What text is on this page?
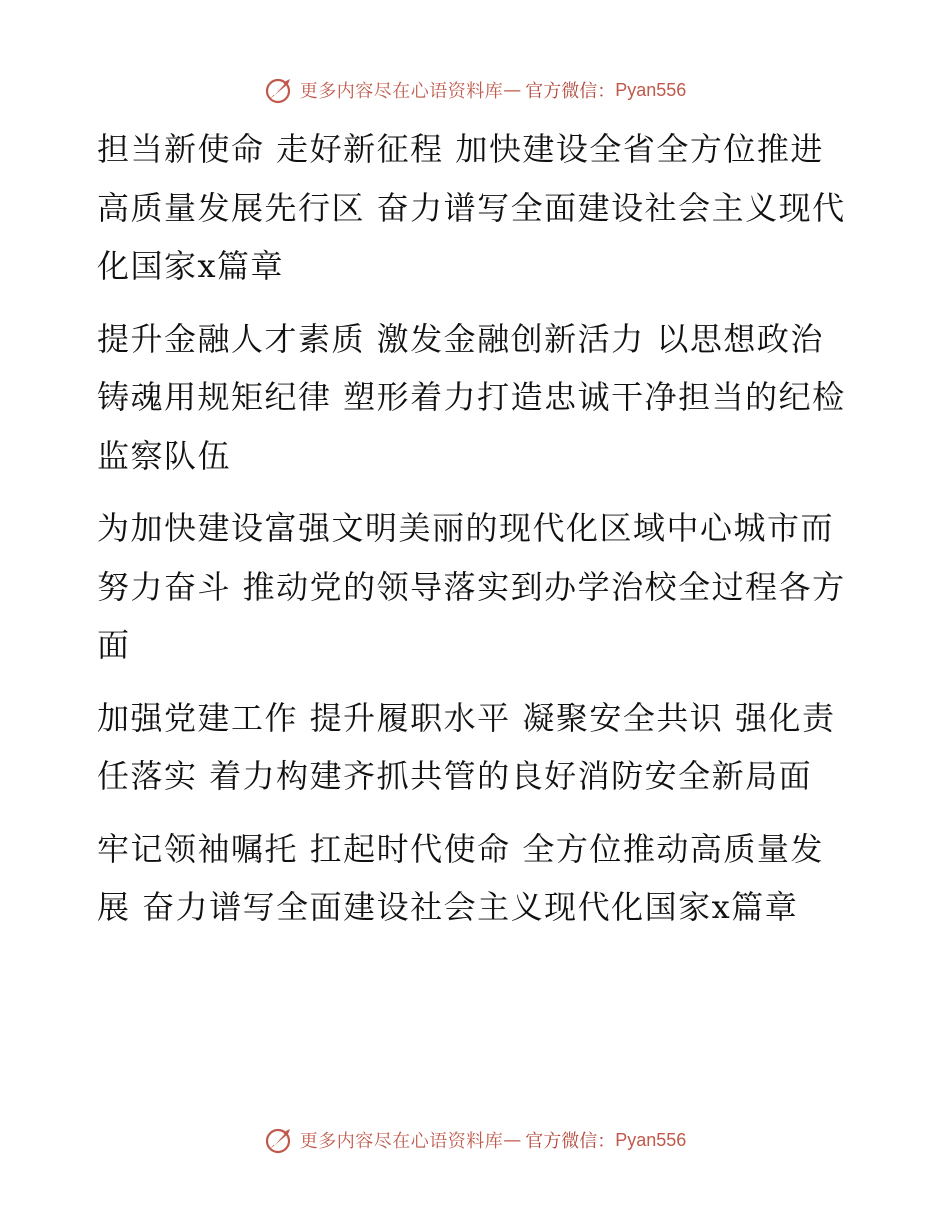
更多内容尽在心语资料库 — 官方微信： Pyan556

担当新使命 走好新征程 加快建设全省全方位推进高质量发展先行区 奋力谱写全面建设社会主义现代化国家x篇章

提升金融人才素质 激发金融创新活力 以思想政治铸魂用规矩纪律 塑形着力打造忠诚干净担当的纪检监察队伍

为加快建设富强文明美丽的现代化区域中心城市而努力奋斗 推动党的领导落实到办学治校全过程各方面

加强党建工作 提升履职水平 凝聚安全共识 强化责任落实 着力构建齐抓共管的良好消防安全新局面

牢记领袖嘱托 扛起时代使命 全方位推动高质量发展 奋力谱写全面建设社会主义现代化国家x篇章

更多内容尽在心语资料库 — 官方微信： Pyan556
